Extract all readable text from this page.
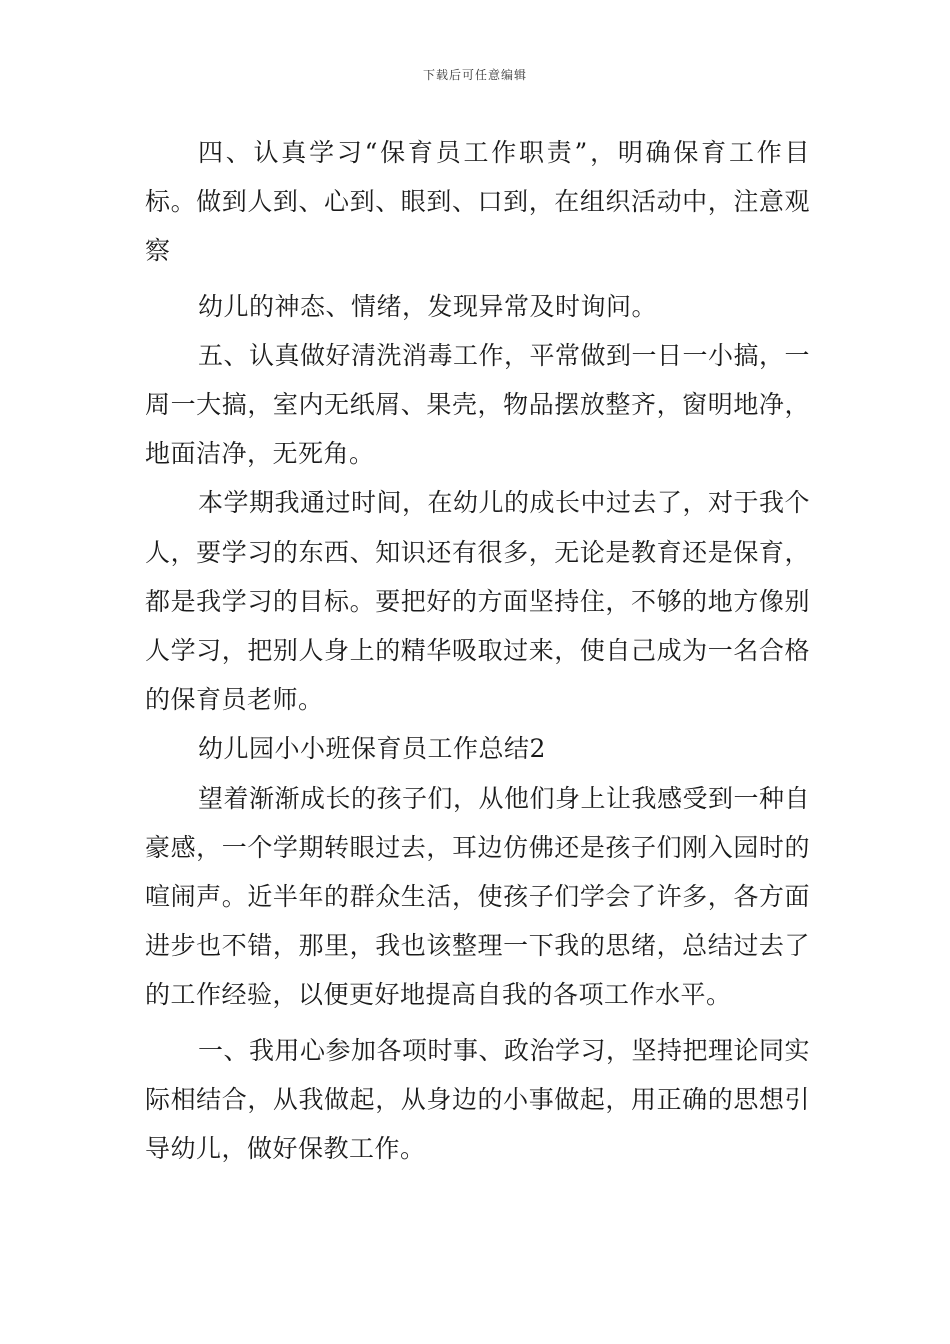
下载后可任意编辑

四、认真学习“保育员工作职责”，明确保育工作目标。做到人到、心到、眼到、口到，在组织活动中，注意观察

幼儿的神态、情绪，发现异常及时询问。

五、认真做好清洗消毒工作，平常做到一日一小搞，一周一大搞，室内无纸屑、果壳，物品摆放整齐，窗明地净，地面洁净，无死角。

本学期我通过时间，在幼儿的成长中过去了，对于我个人，要学习的东西、知识还有很多，无论是教育还是保育，都是我学习的目标。要把好的方面坚持住，不够的地方像别人学习，把别人身上的精华吸取过来，使自己成为一名合格的保育员老师。

幼儿园小小班保育员工作总结2

望着渐渐成长的孩子们，从他们身上让我感受到一种自豪感，一个学期转眼过去，耳边仿佛还是孩子们刚入园时的喧闹声。近半年的群众生活，使孩子们学会了许多，各方面进步也不错，那里，我也该整理一下我的思绪，总结过去了的工作经验，以便更好地提高自我的各项工作水平。

一、我用心参加各项时事、政治学习，坚持把理论同实际相结合，从我做起，从身边的小事做起，用正确的思想引导幼儿，做好保教工作。
